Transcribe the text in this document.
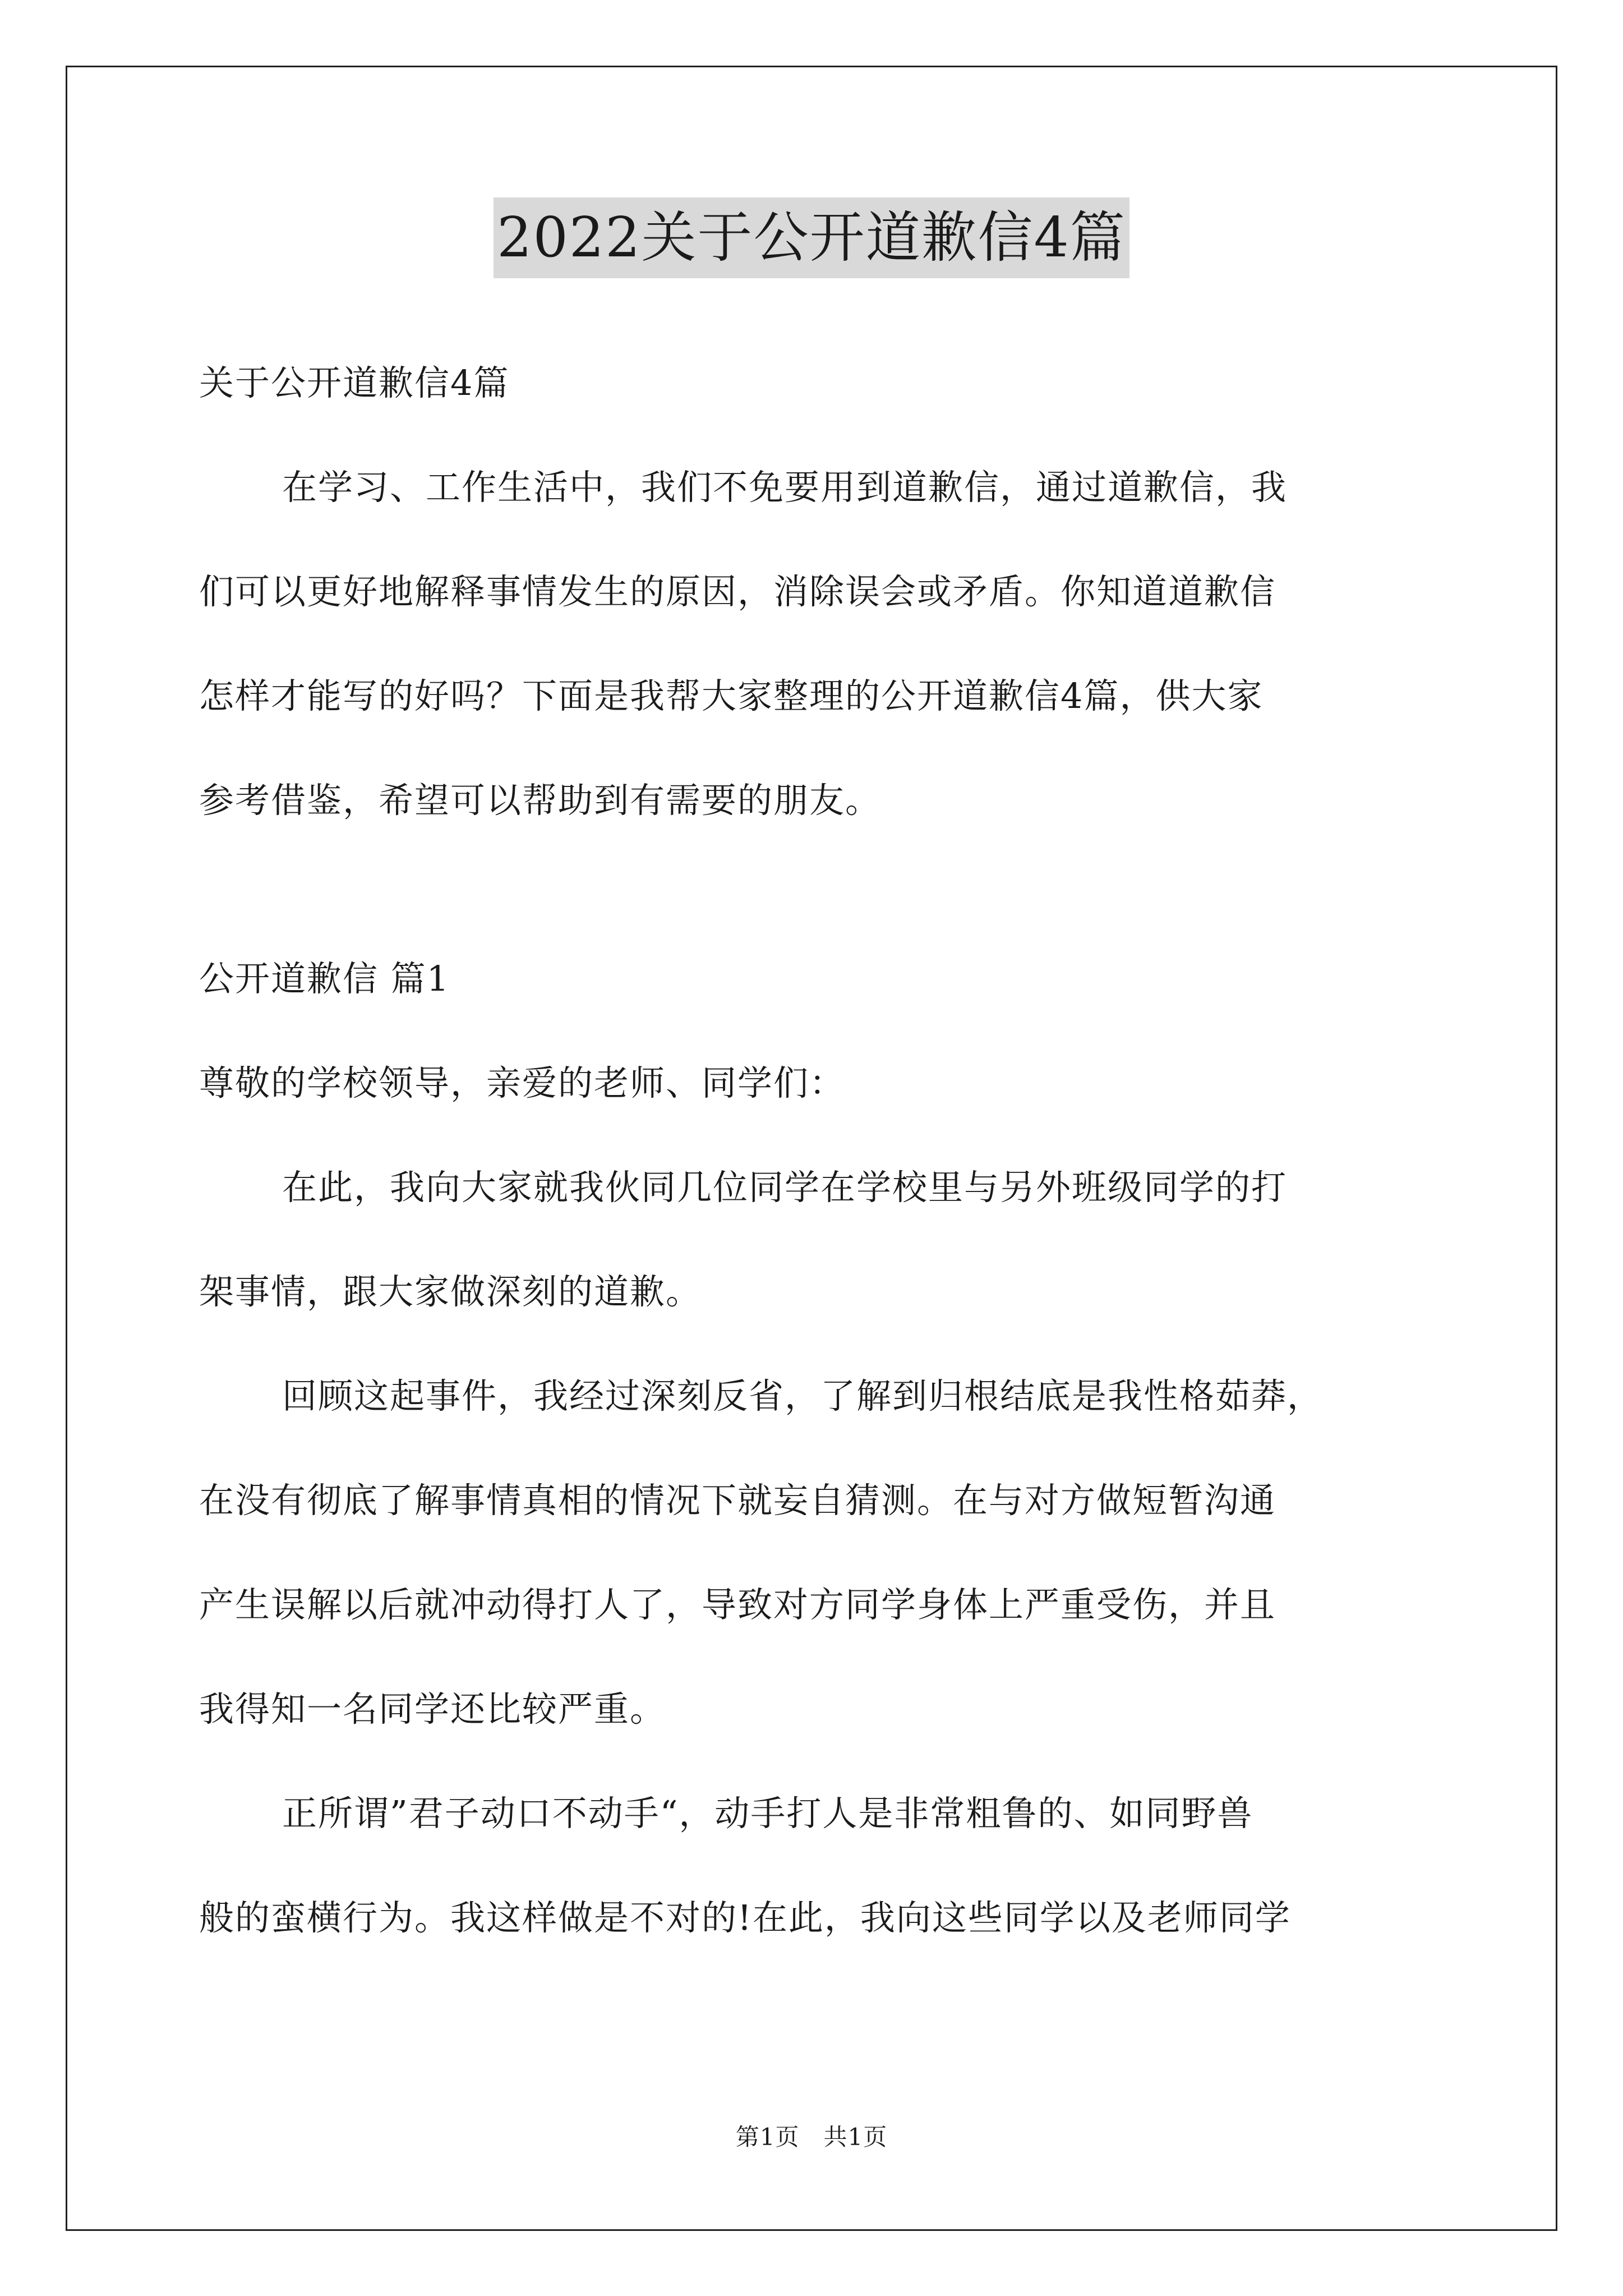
2022关于公开道歉信4篇
关于公开道歉信4篇
在学习、工作生活中，我们不免要用到道歉信，通过道歉信，我
们可以更好地解释事情发生的原因，消除误会或矛盾。你知道道歉信
怎样才能写的好吗？下面是我帮大家整理的公开道歉信4篇，供大家
参考借鉴，希望可以帮助到有需要的朋友。
公开道歉信 篇1
尊敬的学校领导，亲爱的老师、同学们：
在此，我向大家就我伙同几位同学在学校里与另外班级同学的打
架事情，跟大家做深刻的道歉。
回顾这起事件，我经过深刻反省，了解到归根结底是我性格茹莽，
在没有彻底了解事情真相的情况下就妄自猜测。在与对方做短暂沟通
产生误解以后就冲动得打人了，导致对方同学身体上严重受伤，并且
我得知一名同学还比较严重。
正所谓”君子动口不动手“，动手打人是非常粗鲁的、如同野兽
般的蛮横行为。我这样做是不对的!在此，我向这些同学以及老师同学
第1页   共1页
